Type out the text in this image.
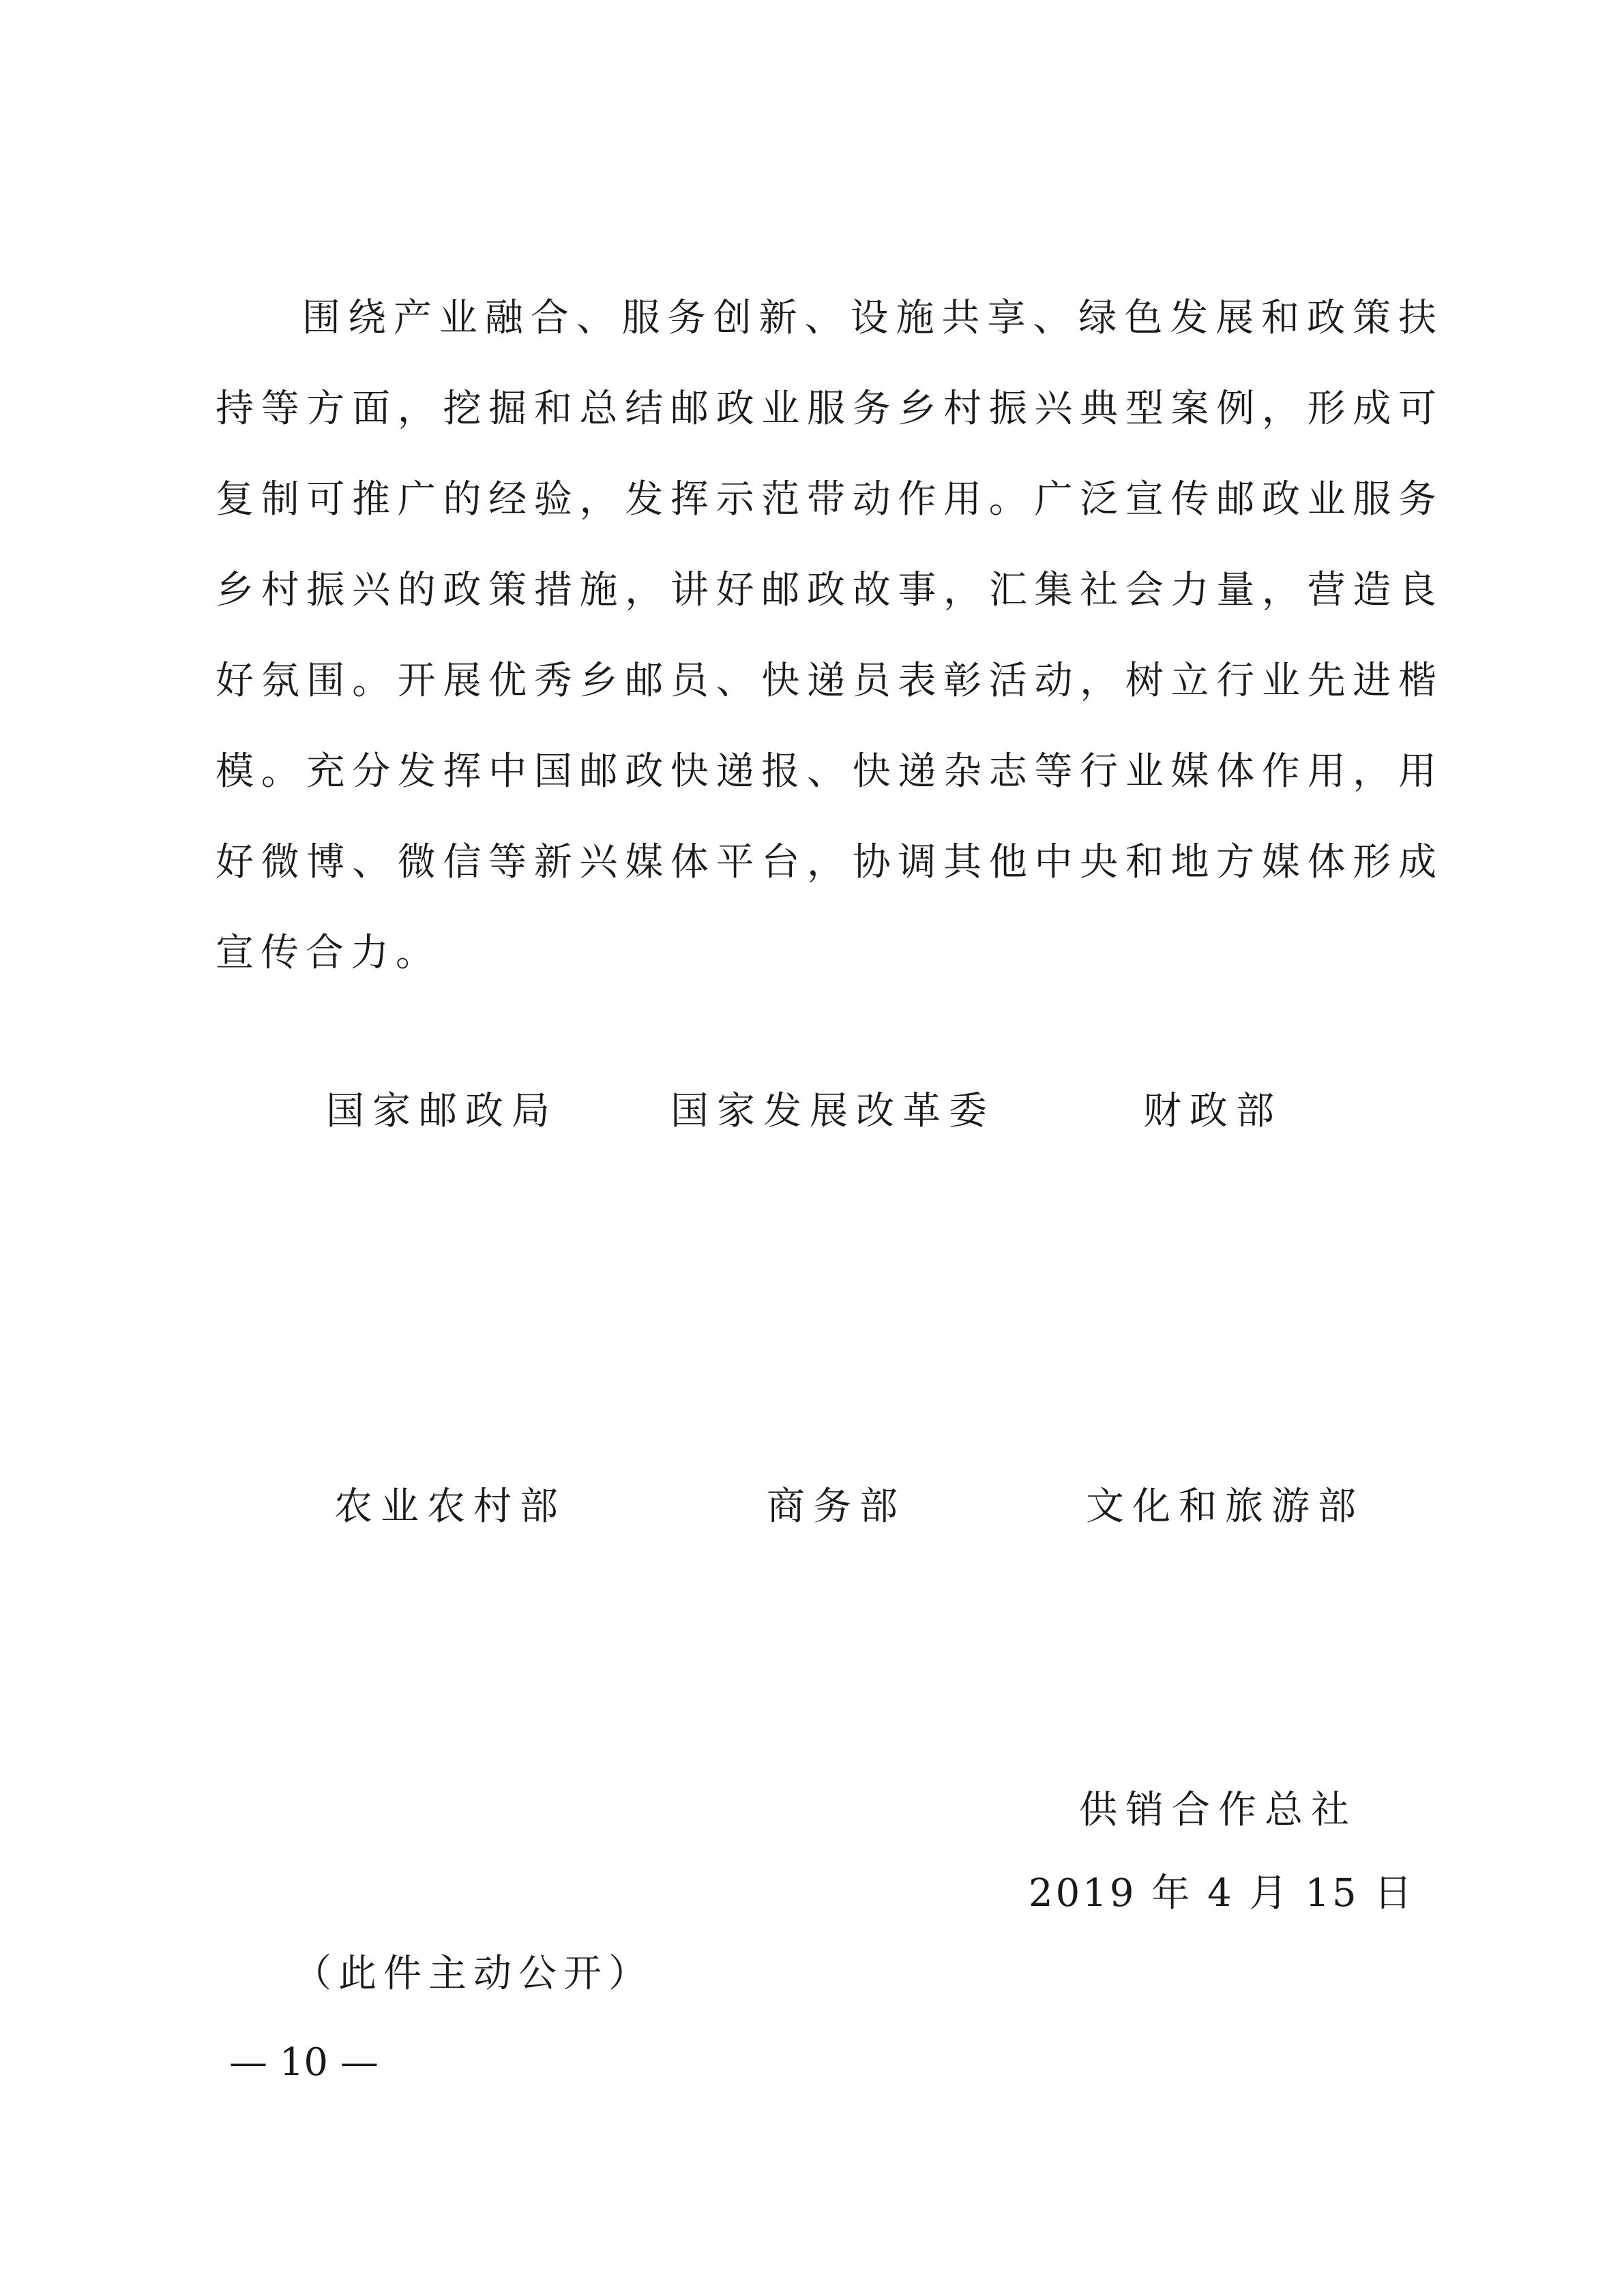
围绕产业融合、服务创新、设施共享、绿色发展和政策扶持等方面，挖掘和总结邮政业服务乡村振兴典型案例，形成可复制可推广的经验，发挥示范带动作用。广泛宣传邮政业服务乡村振兴的政策措施，讲好邮政故事，汇集社会力量，营造良好氛围。开展优秀乡邮员、快递员表彰活动，树立行业先进楷模。充分发挥中国邮政快递报、快递杂志等行业媒体作用，用好微博、微信等新兴媒体平台，协调其他中央和地方媒体形成宣传合力。

国家邮政局	国家发展改革委	财政部
农业农村部	商务部	文化和旅游部
供销合作总社
2019 年 4 月 15 日
（此件主动公开）
— 10 —
